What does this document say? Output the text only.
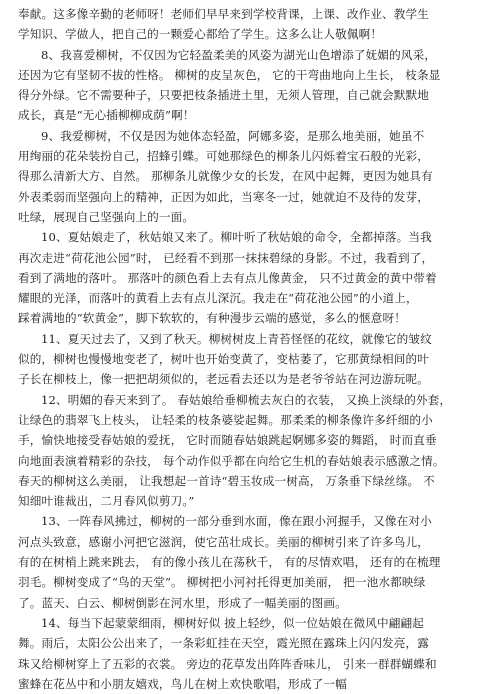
奉献。这多像辛勤的老师呀！老师们早早来到学校背课，上课、改作业、教学生
学知识、学做人，把自己的一颗爱心都给了学生。这多么让人敬佩啊！
8、我喜爱柳树，不仅因为它轻盈柔美的风姿为湖光山色增添了妩媚的风采，
还因为它有坚韧不拔的性格。 柳树的皮呈灰色， 它的干弯曲地向上生长， 枝条显
得分外绿。它不需要种子，只要把枝条插进土里，无须人管理，自己就会默默地
成长，真是“无心插柳柳成荫”啊！
9、我爱柳树，不仅是因为她体态轻盈，阿娜多姿，是那么地美丽，她虽不
用绚丽的花朵装扮自己，招蜂引蝶。可她那绿色的柳条儿闪烁着宝石般的光彩，
得那么清新大方、自然。 那柳条儿就像少女的长发，在风中起舞，更因为她具有
外表柔弱而坚强向上的精神，正因为如此，当寒冬一过，她就迫不及待的发芽，
吐绿，展现自己坚强向上的一面。
10、夏姑娘走了，秋姑娘又来了。柳叶听了秋姑娘的命令，全都掉落。当我
再次走进“荷花池公园”时， 已经看不到那一抹抹碧绿的身影。不过，我看到了，
看到了满地的落叶。 那落叶的颜色看上去有点儿像黄金， 只不过黄金的黄中带着
耀眼的光泽，而落叶的黄看上去有点儿深沉。我走在“荷花池公园”的小道上，
踩着满地的“软黄金”，脚下软软的，有种漫步云端的感觉，多么的惬意呀！
11、夏天过去了，又到了秋天。柳树树皮上青苔怪怪的花纹，就像它的皱纹
似的，柳树也慢慢地变老了，树叶也开始变黄了，变枯萎了，它那黄绿相间的叶
子长在柳枝上，像一把把胡须似的，老远看去还以为是老爷爷站在河边游玩呢。
12、明媚的春天来到了。 春姑娘给垂柳梳去灰白的衣装， 又换上淡绿的外套，
让绿色的翡翠飞上枝头， 让轻柔的枝条婆娑起舞。那柔柔的柳条像许多纤细的小
手，愉快地接受春姑娘的爱抚， 它时而随春姑娘跳起婀娜多姿的舞蹈， 时而直垂
向地面表演着精彩的杂技， 每个动作似乎都在向给它生机的春姑娘表示感激之情。
春天的柳树这么美丽， 让我想起一首诗“碧玉妆成一树高， 万条垂下绿丝绦。 不
知细叶谁裁出，二月春风似剪刀。”
13、一阵春风拂过，柳树的一部分垂到水面，像在跟小河握手，又像在对小
河点头致意，感谢小河把它滋润，使它茁壮成长。美丽的柳树引来了许多鸟儿，
有的在树梢上跳来跳去， 有的像小孩儿在荡秋千， 有的尽情欢唱， 还有的在梳理
羽毛。柳树变成了“鸟的天堂”。 柳树把小河衬托得更加美丽， 把一池水都映绿
了。蓝天、白云、柳树倒影在河水里，形成了一幅美丽的图画。
14、每当下起蒙蒙细雨，柳树好似 披上轻纱，似一位姑娘在微风中翩翩起
舞。雨后，太阳公公出来了，一条彩虹挂在天空，霞光照在露珠上闪闪发亮，露
珠又给柳树穿上了五彩的衣裳。 旁边的花草发出阵阵香味儿， 引来一群群蝴蝶和
蜜蜂在花丛中和小朋友嬉戏，鸟儿在树上欢快歌唱，形成了一幅
